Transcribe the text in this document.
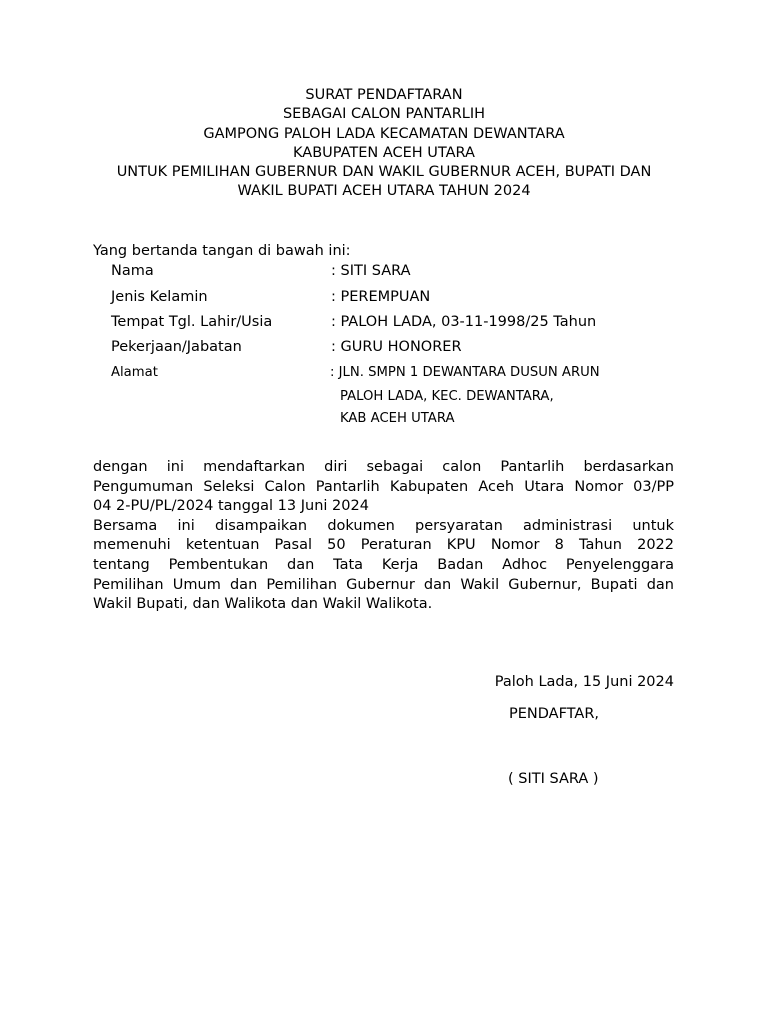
SURAT PENDAFTARAN
SEBAGAI CALON PANTARLIH
GAMPONG PALOH LADA KECAMATAN DEWANTARA
KABUPATEN ACEH UTARA
UNTUK PEMILIHAN GUBERNUR DAN WAKIL GUBERNUR ACEH, BUPATI DAN
WAKIL BUPATI ACEH UTARA TAHUN 2024
Yang bertanda tangan di bawah ini:
Nama	: SITI SARA
Jenis Kelamin	: PEREMPUAN
Tempat Tgl. Lahir/Usia	: PALOH LADA, 03-11-1998/25 Tahun
Pekerjaan/Jabatan	: GURU HONORER
Alamat	: JLN. SMPN 1 DEWANTARA DUSUN ARUN
PALOH LADA, KEC. DEWANTARA,
KAB ACEH UTARA
dengan ini mendaftarkan diri sebagai calon Pantarlih berdasarkan
Pengumuman Seleksi Calon Pantarlih Kabupaten Aceh Utara Nomor 03/PP
04 2-PU/PL/2024 tanggal 13 Juni 2024
Bersama ini disampaikan dokumen persyaratan administrasi untuk
memenuhi ketentuan Pasal 50 Peraturan KPU Nomor 8 Tahun 2022
tentang Pembentukan dan Tata Kerja Badan Adhoc Penyelenggara
Pemilihan Umum dan Pemilihan Gubernur dan Wakil Gubernur, Bupati dan
Wakil Bupati, dan Walikota dan Wakil Walikota.
Paloh Lada, 15 Juni 2024
PENDAFTAR,
( SITI SARA )
